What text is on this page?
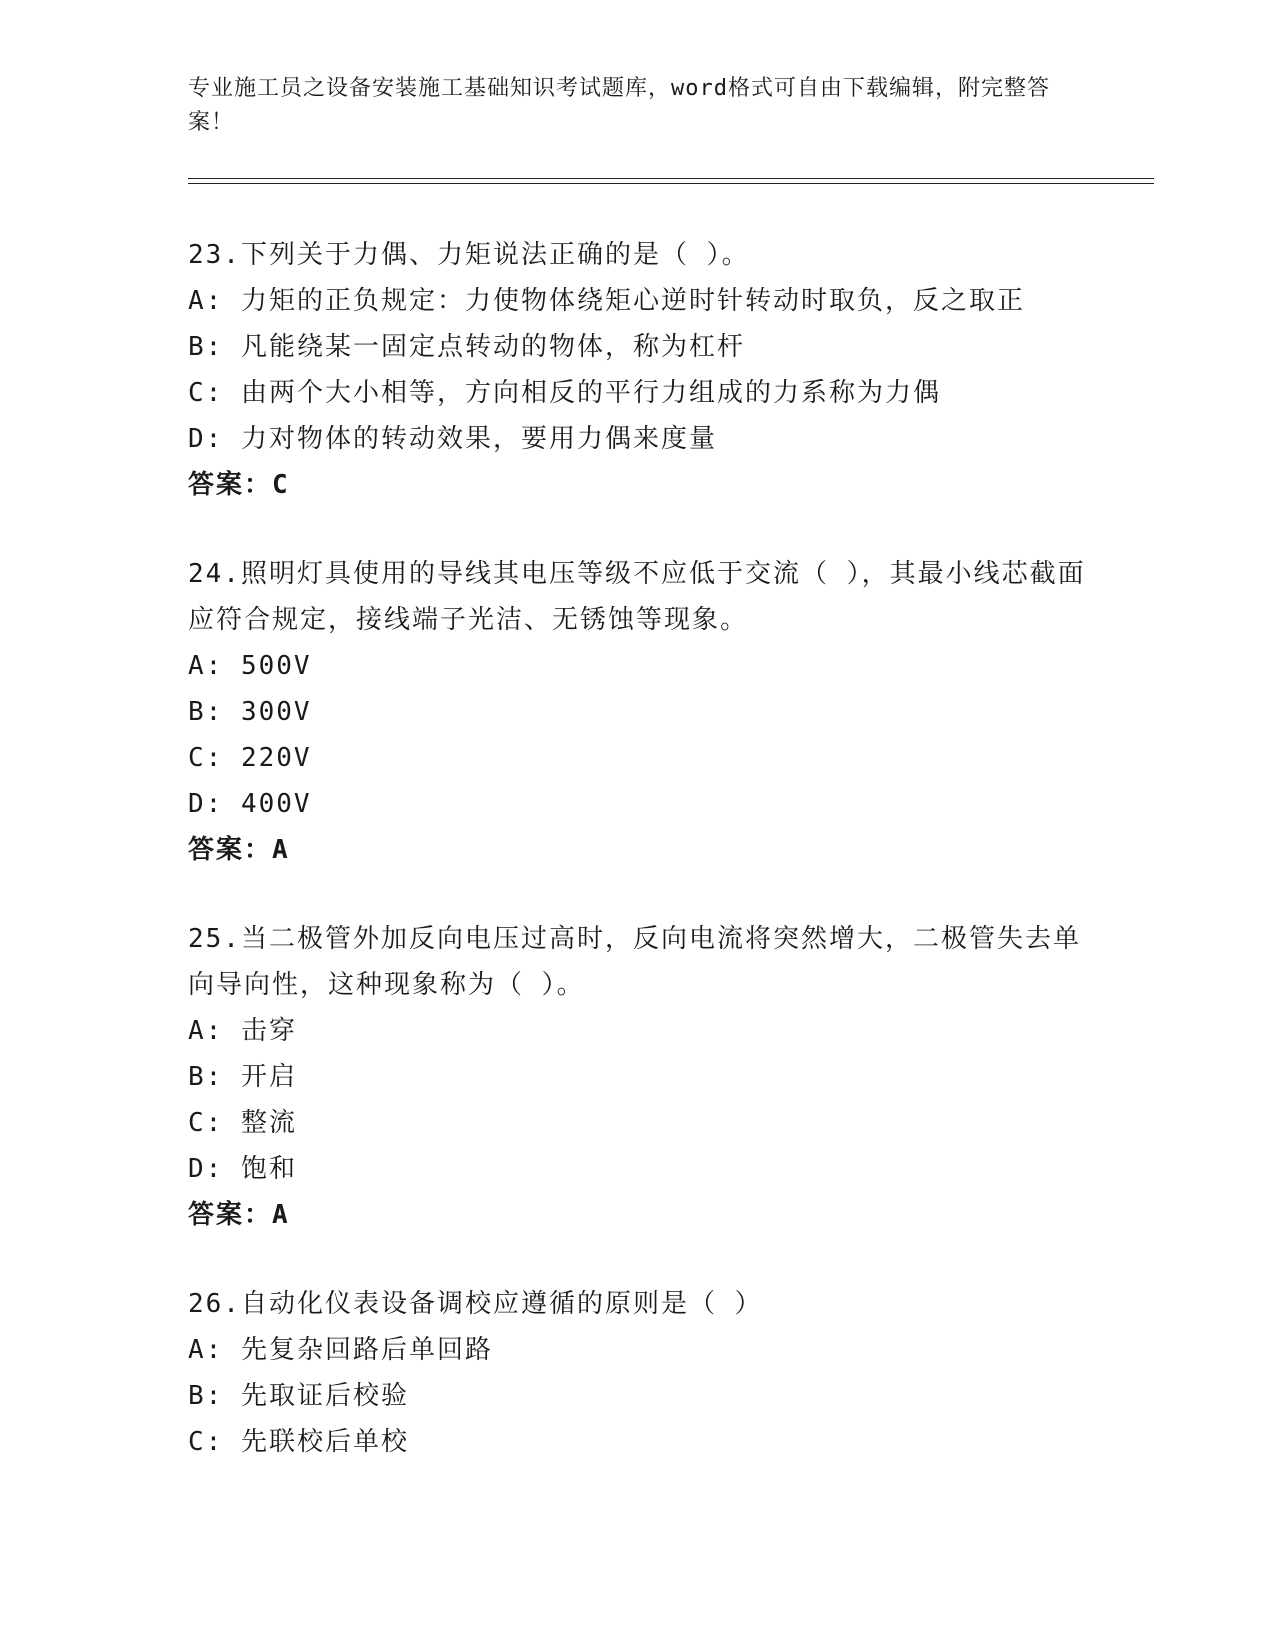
专业施工员之设备安装施工基础知识考试题库，word格式可自由下载编辑，附完整答案！

23.下列关于力偶、力矩说法正确的是（ ）。

A: 力矩的正负规定：力使物体绕矩心逆时针转动时取负，反之取正

B: 凡能绕某一固定点转动的物体，称为杠杆

C: 由两个大小相等，方向相反的平行力组成的力系称为力偶

D: 力对物体的转动效果，要用力偶来度量

答案：C

24.照明灯具使用的导线其电压等级不应低于交流（ ），其最小线芯截面应符合规定，接线端子光洁、无锈蚀等现象。

A: 500V

B: 300V

C: 220V

D: 400V

答案：A

25.当二极管外加反向电压过高时，反向电流将突然增大，二极管失去单向导向性，这种现象称为（ ）。

A: 击穿

B: 开启

C: 整流

D: 饱和

答案：A

26.自动化仪表设备调校应遵循的原则是（ ）

A: 先复杂回路后单回路

B: 先取证后校验

C: 先联校后单校
